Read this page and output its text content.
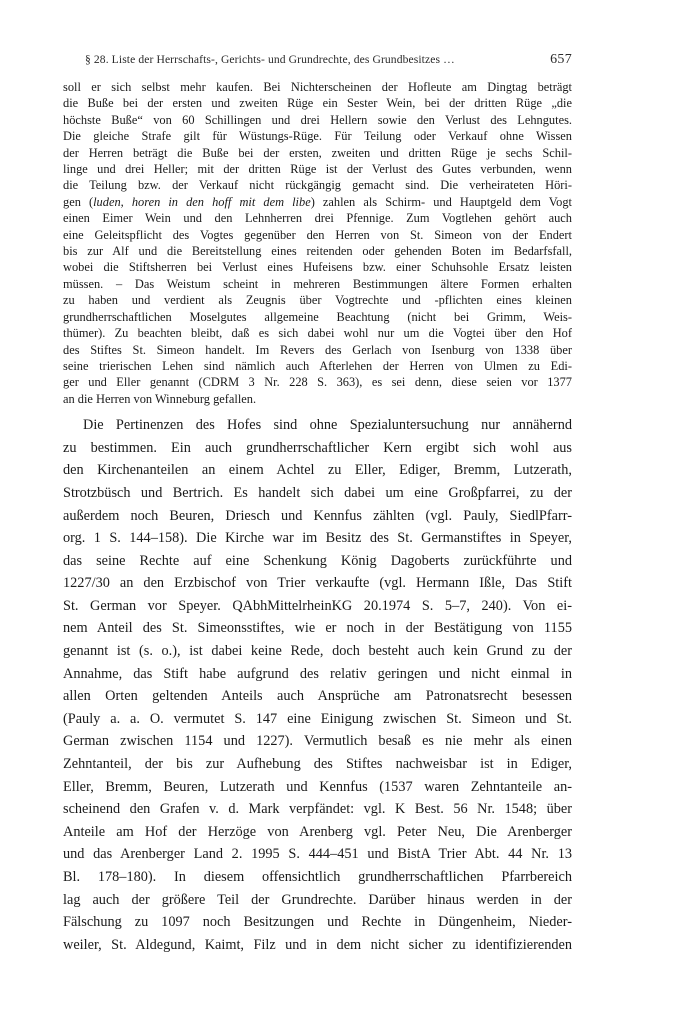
§ 28. Liste der Herrschafts-, Gerichts- und Grundrechte, des Grundbesitzes …	657
soll er sich selbst mehr kaufen. Bei Nichterscheinen der Hofleute am Dingtag beträgt
die Buße bei der ersten und zweiten Rüge ein Sester Wein, bei der dritten Rüge „die
höchste Buße“ von 60 Schillingen und drei Hellern sowie den Verlust des Lehngutes.
Die gleiche Strafe gilt für Wüstungs-Rüge. Für Teilung oder Verkauf ohne Wissen
der Herren beträgt die Buße bei der ersten, zweiten und dritten Rüge je sechs Schil-
linge und drei Heller; mit der dritten Rüge ist der Verlust des Gutes verbunden, wenn
die Teilung bzw. der Verkauf nicht rückgängig gemacht sind. Die verheirateten Höri-
gen (luden, horen in den hoff mit dem libe) zahlen als Schirm- und Hauptgeld dem Vogt
einen Eimer Wein und den Lehnherren drei Pfennige. Zum Vogtlehen gehört auch
eine Geleitspflicht des Vogtes gegenüber den Herren von St. Simeon von der Endert
bis zur Alf und die Bereitstellung eines reitenden oder gehenden Boten im Bedarfsfall,
wobei die Stiftsherren bei Verlust eines Hufeisens bzw. einer Schuhsohle Ersatz leisten
müssen. – Das Weistum scheint in mehreren Bestimmungen ältere Formen erhalten
zu haben und verdient als Zeugnis über Vogtrechte und -pflichten eines kleinen
grundherrschaftlichen Moselgutes allgemeine Beachtung (nicht bei Grimm, Weis-
thümer). Zu beachten bleibt, daß es sich dabei wohl nur um die Vogtei über den Hof
des Stiftes St. Simeon handelt. Im Revers des Gerlach von Isenburg von 1338 über
seine trierischen Lehen sind nämlich auch Afterlehen der Herren von Ulmen zu Edi-
ger und Eller genannt (CDRM 3 Nr. 228 S. 363), es sei denn, diese seien vor 1377
an die Herren von Winneburg gefallen.
Die Pertinenzen des Hofes sind ohne Spezialuntersuchung nur annähernd
zu bestimmen. Ein auch grundherrschaftlicher Kern ergibt sich wohl aus
den Kirchenanteilen an einem Achtel zu Eller, Ediger, Bremm, Lutzerath,
Strotzbüsch und Bertrich. Es handelt sich dabei um eine Großpfarrei, zu der
außerdem noch Beuren, Driesch und Kennfus zählten (vgl. Pauly, SiedlPfarr-
org. 1 S. 144–158). Die Kirche war im Besitz des St. Germanstiftes in Speyer,
das seine Rechte auf eine Schenkung König Dagoberts zurückführte und
1227/30 an den Erzbischof von Trier verkaufte (vgl. Hermann Ißle, Das Stift
St. German vor Speyer. QAbhMittelrheinKG 20.1974 S. 5–7, 240). Von ei-
nem Anteil des St. Simeonsstiftes, wie er noch in der Bestätigung von 1155
genannt ist (s. o.), ist dabei keine Rede, doch besteht auch kein Grund zu der
Annahme, das Stift habe aufgrund des relativ geringen und nicht einmal in
allen Orten geltenden Anteils auch Ansprüche am Patronatsrecht besessen
(Pauly a. a. O. vermutet S. 147 eine Einigung zwischen St. Simeon und St.
German zwischen 1154 und 1227). Vermutlich besaß es nie mehr als einen
Zehntanteil, der bis zur Aufhebung des Stiftes nachweisbar ist in Ediger,
Eller, Bremm, Beuren, Lutzerath und Kennfus (1537 waren Zehntanteile an-
scheinend den Grafen v. d. Mark verpfändet: vgl. K Best. 56 Nr. 1548; über
Anteile am Hof der Herzöge von Arenberg vgl. Peter Neu, Die Arenberger
und das Arenberger Land 2. 1995 S. 444–451 und BistA Trier Abt. 44 Nr. 13
Bl. 178–180). In diesem offensichtlich grundherrschaftlichen Pfarrbereich
lag auch der größere Teil der Grundrechte. Darüber hinaus werden in der
Fälschung zu 1097 noch Besitzungen und Rechte in Düngenheim, Nieder-
weiler, St. Aldegund, Kaimt, Filz und in dem nicht sicher zu identifizierenden
